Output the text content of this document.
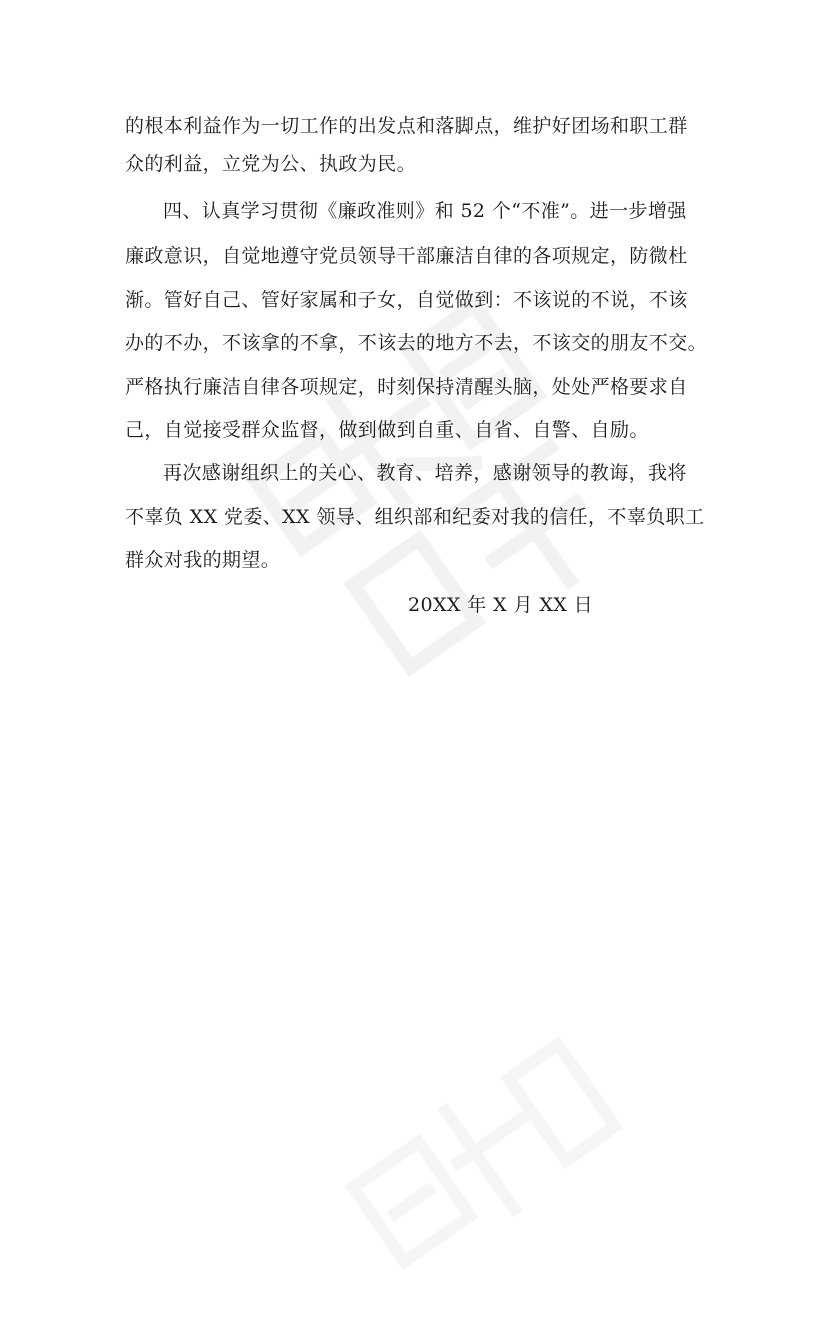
的根本利益作为一切工作的出发点和落脚点，维护好团场和职工群
众的利益，立党为公、执政为民。
四、认真学习贯彻《廉政准则》和 52 个“不准”。进一步增强
廉政意识，自觉地遵守党员领导干部廉洁自律的各项规定，防微杜
渐。管好自己、管好家属和子女，自觉做到：不该说的不说，不该
办的不办，不该拿的不拿，不该去的地方不去，不该交的朋友不交。
严格执行廉洁自律各项规定，时刻保持清醒头脑，处处严格要求自
己，自觉接受群众监督，做到做到自重、自省、自警、自励。
再次感谢组织上的关心、教育、培养，感谢领导的教诲，我将
不辜负 XX 党委、XX 领导、组织部和纪委对我的信任，不辜负职工
群众对我的期望。
20XX 年 X 月 XX 日
